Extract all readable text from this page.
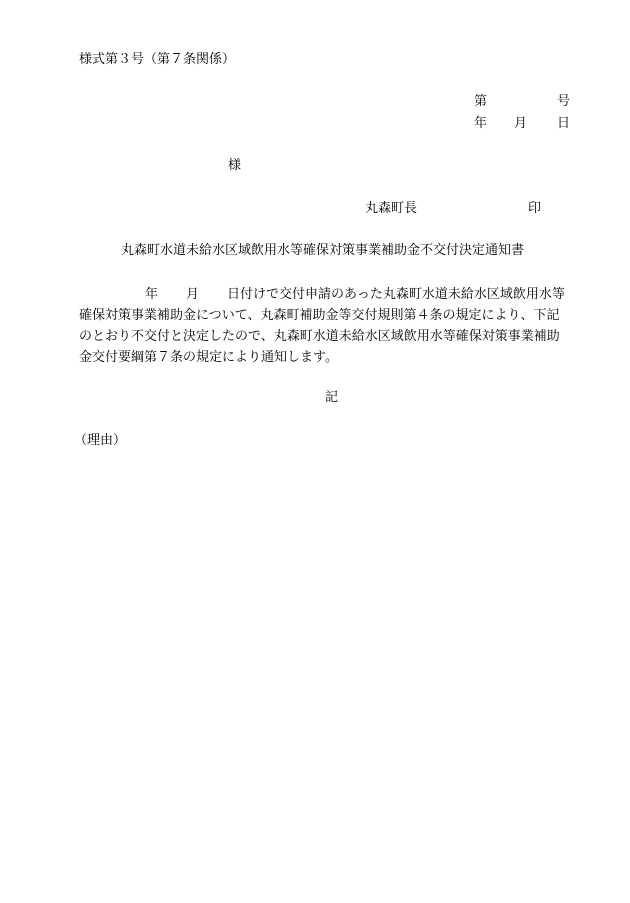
様式第３号（第７条関係）
第	号
年 月 日
様
丸森町長	印
丸森町水道未給水区域飲用水等確保対策事業補助金不交付決定通知書
年 月 日付けで交付申請のあった丸森町水道未給水区域飲用水等
確保対策事業補助金について、丸森町補助金等交付規則第４条の規定により、下記
のとおり不交付と決定したので、丸森町水道未給水区域飲用水等確保対策事業補助
金交付要綱第７条の規定により通知します。
記
（理由）
